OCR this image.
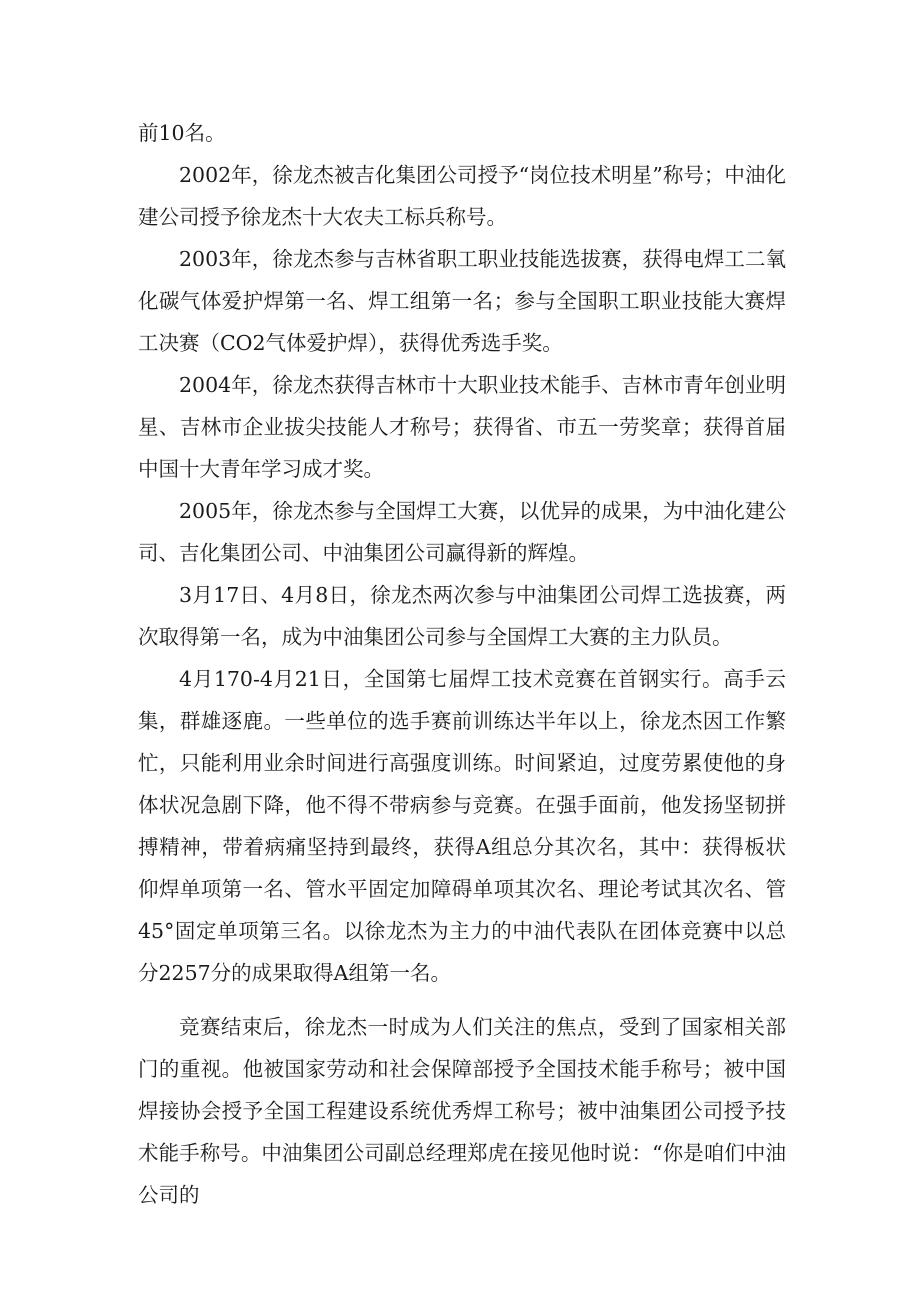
前10名。

2002年，徐龙杰被吉化集团公司授予“岗位技术明星”称号；中油化建公司授予徐龙杰十大农夫工标兵称号。

2003年，徐龙杰参与吉林省职工职业技能选拔赛，获得电焊工二氧化碳气体爱护焊第一名、焊工组第一名；参与全国职工职业技能大赛焊工决赛（CO2气体爱护焊），获得优秀选手奖。

2004年，徐龙杰获得吉林市十大职业技术能手、吉林市青年创业明星、吉林市企业拔尖技能人才称号；获得省、市五一劳奖章；获得首届中国十大青年学习成才奖。

2005年，徐龙杰参与全国焊工大赛，以优异的成果，为中油化建公司、吉化集团公司、中油集团公司赢得新的辉煌。

3月17日、4月8日，徐龙杰两次参与中油集团公司焊工选拔赛，两次取得第一名，成为中油集团公司参与全国焊工大赛的主力队员。

4月170-4月21日，全国第七届焊工技术竞赛在首钢实行。高手云集，群雄逐鹿。一些单位的选手赛前训练达半年以上，徐龙杰因工作繁忙，只能利用业余时间进行高强度训练。时间紧迫，过度劳累使他的身体状况急剧下降，他不得不带病参与竞赛。在强手面前，他发扬坚韧拼搏精神，带着病痛坚持到最终，获得A组总分其次名，其中：获得板状仰焊单项第一名、管水平固定加障碍单项其次名、理论考试其次名、管45°固定单项第三名。以徐龙杰为主力的中油代表队在团体竞赛中以总分2257分的成果取得A组第一名。

竞赛结束后，徐龙杰一时成为人们关注的焦点，受到了国家相关部门的重视。他被国家劳动和社会保障部授予全国技术能手称号；被中国焊接协会授予全国工程建设系统优秀焊工称号；被中油集团公司授予技术能手称号。中油集团公司副总经理郑虎在接见他时说：“你是咱们中油公司的
